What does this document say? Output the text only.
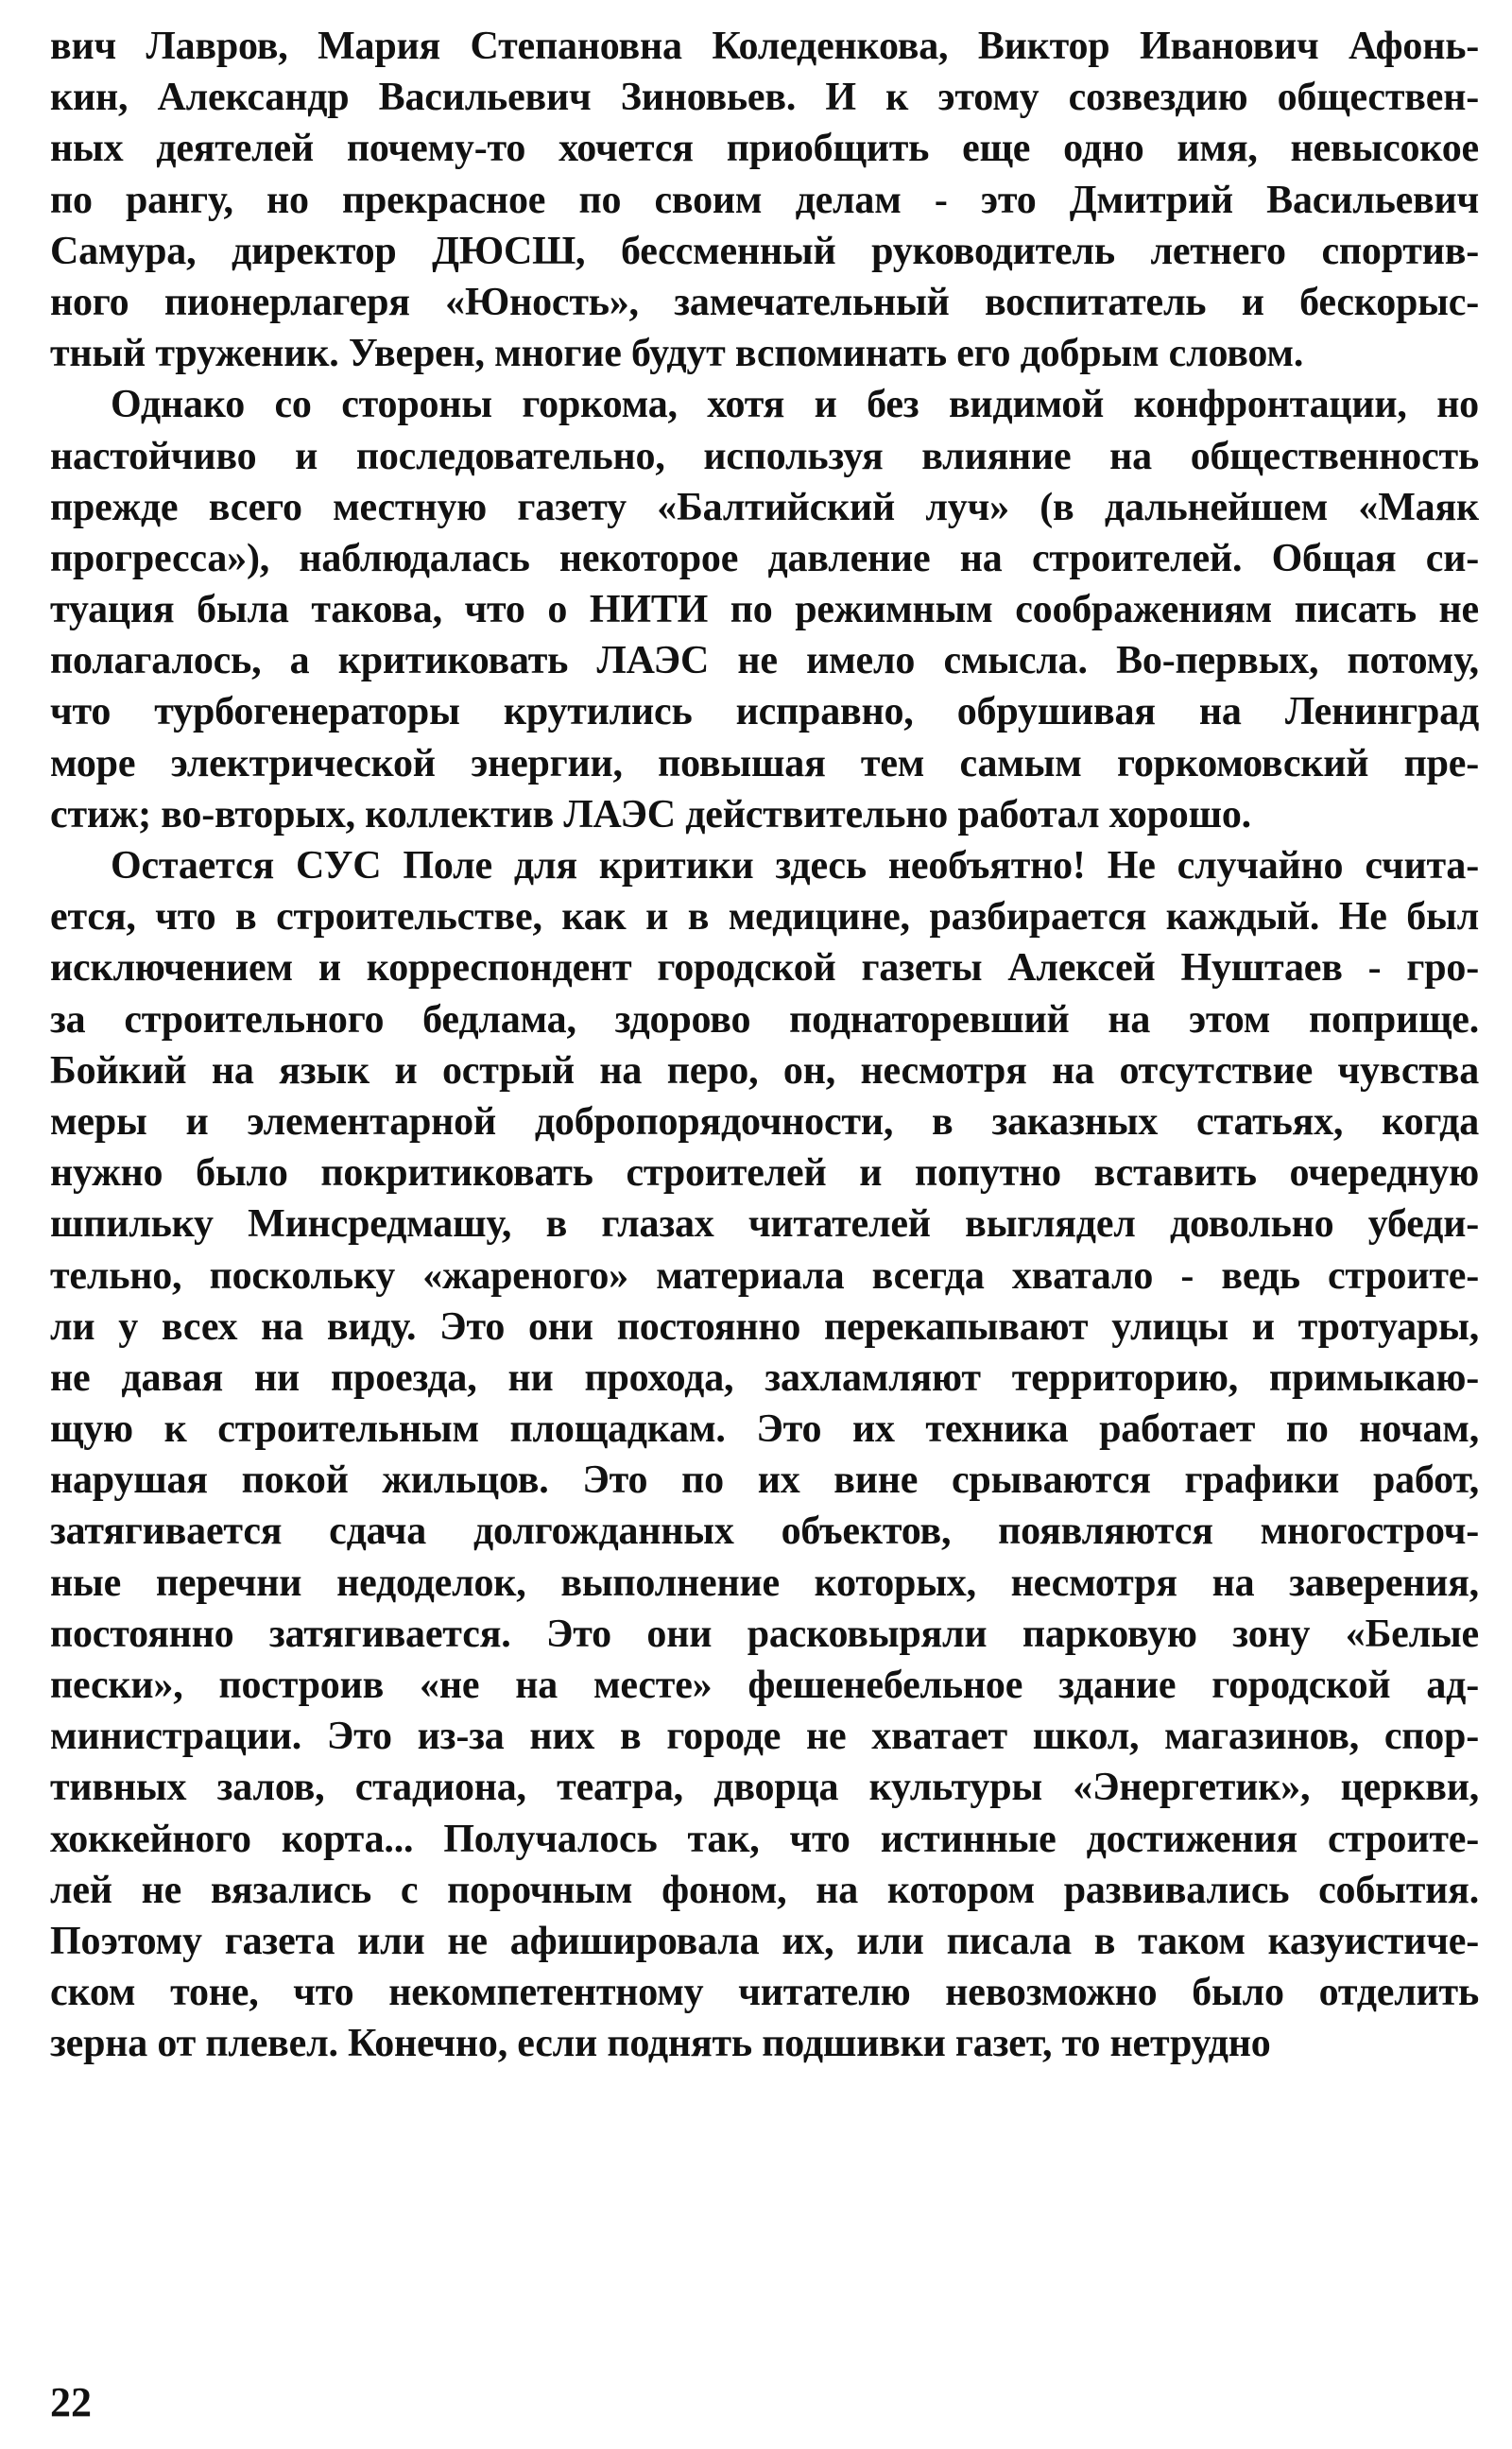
вич Лавров, Мария Степановна Коледенкова, Виктор Иванович Афонь-
кин, Александр Васильевич Зиновьев. И к этому созвездию обществен-
ных деятелей почему-то хочется приобщить еще одно имя, невысокое
по рангу, но прекрасное по своим делам - это Дмитрий Васильевич
Самура, директор ДЮСШ, бессменный руководитель летнего спортив-
ного пионерлагеря «Юность», замечательный воспитатель и бескорыс-
тный труженик. Уверен, многие будут вспоминать его добрым словом.
Однако со стороны горкома, хотя и без видимой конфронтации, но
настойчиво и последовательно, используя влияние на общественность
прежде всего местную газету «Балтийский луч» (в дальнейшем «Маяк
прогресса»), наблюдалась некоторое давление на строителей. Общая си-
туация была такова, что о НИТИ по режимным соображениям писать не
полагалось, а критиковать ЛАЭС не имело смысла. Во-первых, потому,
что турбогенераторы крутились исправно, обрушивая на Ленинград
море электрической энергии, повышая тем самым горкомовский пре-
стиж; во-вторых, коллектив ЛАЭС действительно работал хорошо.
Остается СУС Поле для критики здесь необъятно! Не случайно счита-
ется, что в строительстве, как и в медицине, разбирается каждый. Не был
исключением и корреспондент городской газеты Алексей Нуштаев - гро-
за строительного бедлама, здорово поднаторевший на этом поприще.
Бойкий на язык и острый на перо, он, несмотря на отсутствие чувства
меры и элементарной добропорядочности, в заказных статьях, когда
нужно было покритиковать строителей и попутно вставить очередную
шпильку Минсредмашу, в глазах читателей выглядел довольно убеди-
тельно, поскольку «жареного» материала всегда хватало - ведь строите-
ли у всех на виду. Это они постоянно перекапывают улицы и тротуары,
не давая ни проезда, ни прохода, захламляют территорию, примыкаю-
щую к строительным площадкам. Это их техника работает по ночам,
нарушая покой жильцов. Это по их вине срываются графики работ,
затягивается сдача долгожданных объектов, появляются многостроч-
ные перечни недоделок, выполнение которых, несмотря на заверения,
постоянно затягивается. Это они расковыряли парковую зону «Белые
пески», построив «не на месте» фешенебельное здание городской ад-
министрации. Это из-за них в городе не хватает школ, магазинов, спор-
тивных залов, стадиона, театра, дворца культуры «Энергетик», церкви,
хоккейного корта... Получалось так, что истинные достижения строите-
лей не вязались с порочным фоном, на котором развивались события.
Поэтому газета или не афишировала их, или писала в таком казуистиче-
ском тоне, что некомпетентному читателю невозможно было отделить
зерна от плевел. Конечно, если поднять подшивки газет, то нетрудно
22
